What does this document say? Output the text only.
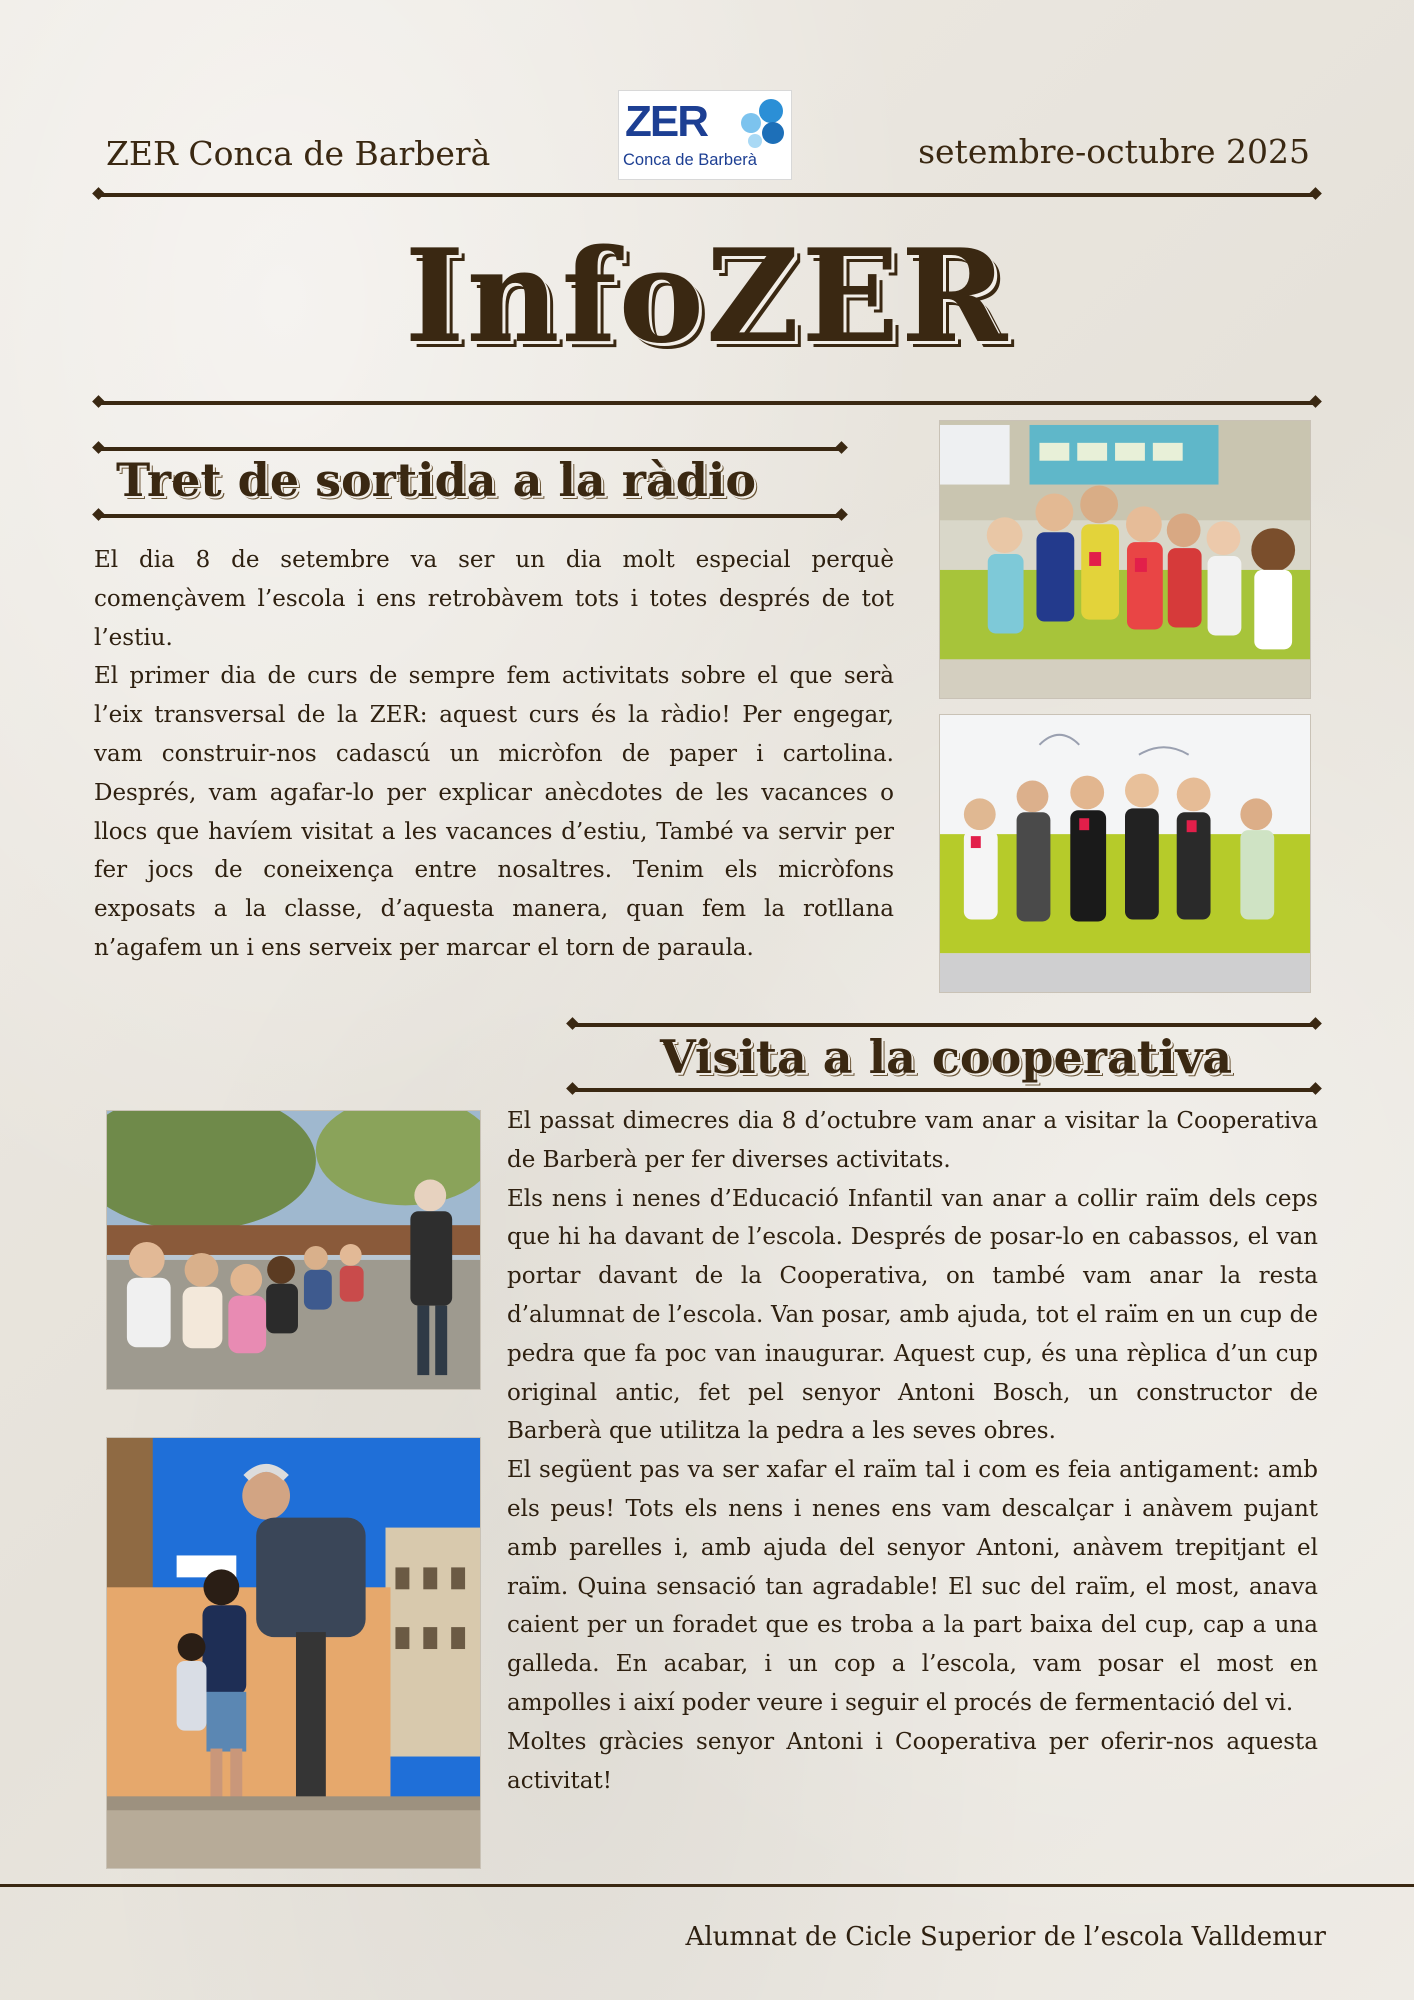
ZER Conca de Barberà
ZER
Conca de Barberà	setembre-octubre 2025
InfoZER
Tret de sortida a la ràdio

El dia 8 de setembre va ser un dia molt especial perquè començàvem l’escola i ens retrobàvem tots i totes després de tot l’estiu.

El primer dia de curs de sempre fem activitats sobre el que serà l’eix transversal de la ZER: aquest curs és la ràdio! Per engegar, vam construir-nos cadascú un micròfon de paper i cartolina. Després, vam agafar-lo per explicar anècdotes de les vacances o llocs que havíem visitat a les vacances d’estiu, També va servir per fer jocs de coneixença entre nosaltres. Tenim els micròfons exposats a la classe, d’aquesta manera, quan fem la rotllana n’agafem un i ens serveix per marcar el torn de paraula.

Visita a la cooperativa

El passat dimecres dia 8 d’octubre vam anar a visitar la Cooperativa de Barberà per fer diverses activitats.

Els nens i nenes d’Educació Infantil van anar a collir raïm dels ceps que hi ha davant de l’escola. Després de posar-lo en cabassos, el van portar davant de la Cooperativa, on també vam anar la resta d’alumnat de l’escola. Van posar, amb ajuda, tot el raïm en un cup de pedra que fa poc van inaugurar. Aquest cup, és una rèplica d’un cup original antic, fet pel senyor Antoni Bosch, un constructor de Barberà que utilitza la pedra a les seves obres.

El següent pas va ser xafar el raïm tal i com es feia antigament: amb els peus! Tots els nens i nenes ens vam descalçar i anàvem pujant amb parelles i, amb ajuda del senyor Antoni, anàvem trepitjant el raïm. Quina sensació tan agradable! El suc del raïm, el most, anava caient per un foradet que es troba a la part baixa del cup, cap a una galleda. En acabar, i un cop a l’escola, vam posar el most en ampolles i així poder veure i seguir el procés de fermentació del vi.

Moltes gràcies senyor Antoni i Cooperativa per oferir-nos aquesta activitat!

Alumnat de Cicle Superior de l’escola Valldemur
